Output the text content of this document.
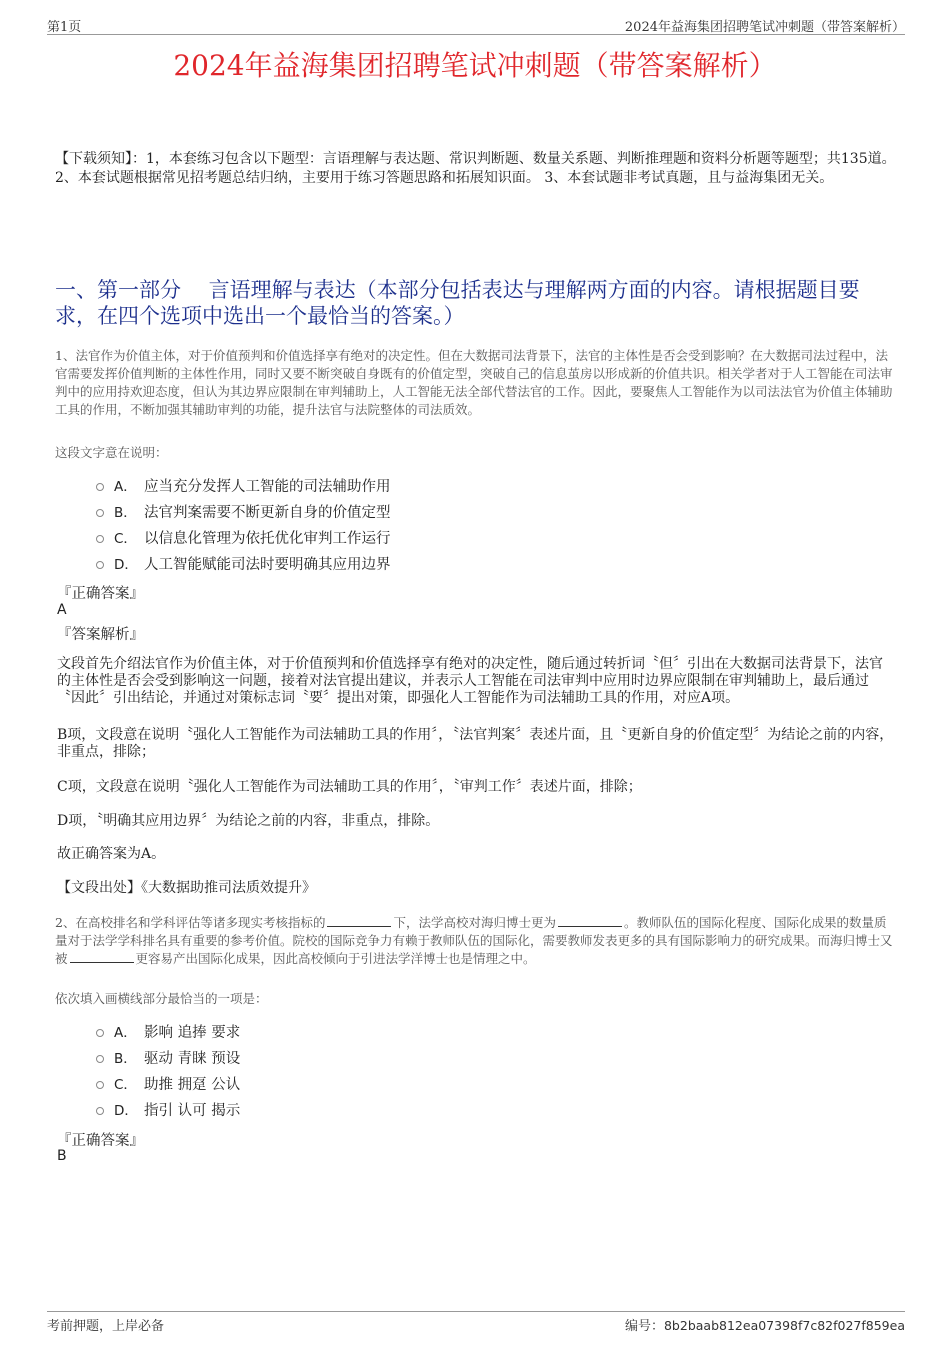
第1页	2024年益海集团招聘笔试冲刺题（带答案解析）
2024年益海集团招聘笔试冲刺题（带答案解析）
【下载须知】：1，本套练习包含以下题型：言语理解与表达题、常识判断题、数量关系题、判断推理题和资料分析题等题型；共135道。 2、本套试题根据常见招考题总结归纳，主要用于练习答题思路和拓展知识面。 3、本套试题非考试真题，且与益海集团无关。
一、第一部分　 言语理解与表达（本部分包括表达与理解两方面的内容。请根据题目要求，在四个选项中选出一个最恰当的答案。）
1、法官作为价值主体，对于价值预判和价值选择享有绝对的决定性。但在大数据司法背景下，法官的主体性是否会受到影响？在大数据司法过程中，法官需要发挥价值判断的主体性作用，同时又要不断突破自身既有的价值定型，突破自己的信息茧房以形成新的价值共识。相关学者对于人工智能在司法审判中的应用持欢迎态度，但认为其边界应限制在审判辅助上，人工智能无法全部代替法官的工作。因此，要聚焦人工智能作为以司法法官为价值主体辅助工具的作用，不断加强其辅助审判的功能，提升法官与法院整体的司法质效。
这段文字意在说明：
A． 应当充分发挥人工智能的司法辅助作用
B． 法官判案需要不断更新自身的价值定型
C． 以信息化管理为依托优化审判工作运行
D． 人工智能赋能司法时要明确其应用边界
『正确答案』
A
『答案解析』
文段首先介绍法官作为价值主体，对于价值预判和价值选择享有绝对的决定性，随后通过转折词〝但〞引出在大数据司法背景下，法官的主体性是否会受到影响这一问题，接着对法官提出建议，并表示人工智能在司法审判中应用时边界应限制在审判辅助上，最后通过〝因此〞引出结论，并通过对策标志词〝要〞提出对策，即强化人工智能作为司法辅助工具的作用，对应A项。
B项，文段意在说明〝强化人工智能作为司法辅助工具的作用〞，〝法官判案〞表述片面，且〝更新自身的价值定型〞为结论之前的内容，非重点，排除；
C项，文段意在说明〝强化人工智能作为司法辅助工具的作用〞，〝审判工作〞表述片面，排除；
D项，〝明确其应用边界〞为结论之前的内容，非重点，排除。
故正确答案为A。
【文段出处】《大数据助推司法质效提升》
2、在高校排名和学科评估等诸多现实考核指标的	下，法学高校对海归博士更为	。教师队伍的国际化程度、国际化成果的数量质量对于法学学科排名具有重要的参考价值。院校的国际竞争力有赖于教师队伍的国际化，需要教师发表更多的具有国际影响力的研究成果。而海归博士又被	更容易产出国际化成果，因此高校倾向于引进法学洋博士也是情理之中。
依次填入画横线部分最恰当的一项是：
A． 影响 追捧 要求
B． 驱动 青睐 预设
C． 助推 拥趸 公认
D． 指引 认可 揭示
『正确答案』
B
考前押题，上岸必备	编号：8b2baab812ea07398f7c82f027f859ea
